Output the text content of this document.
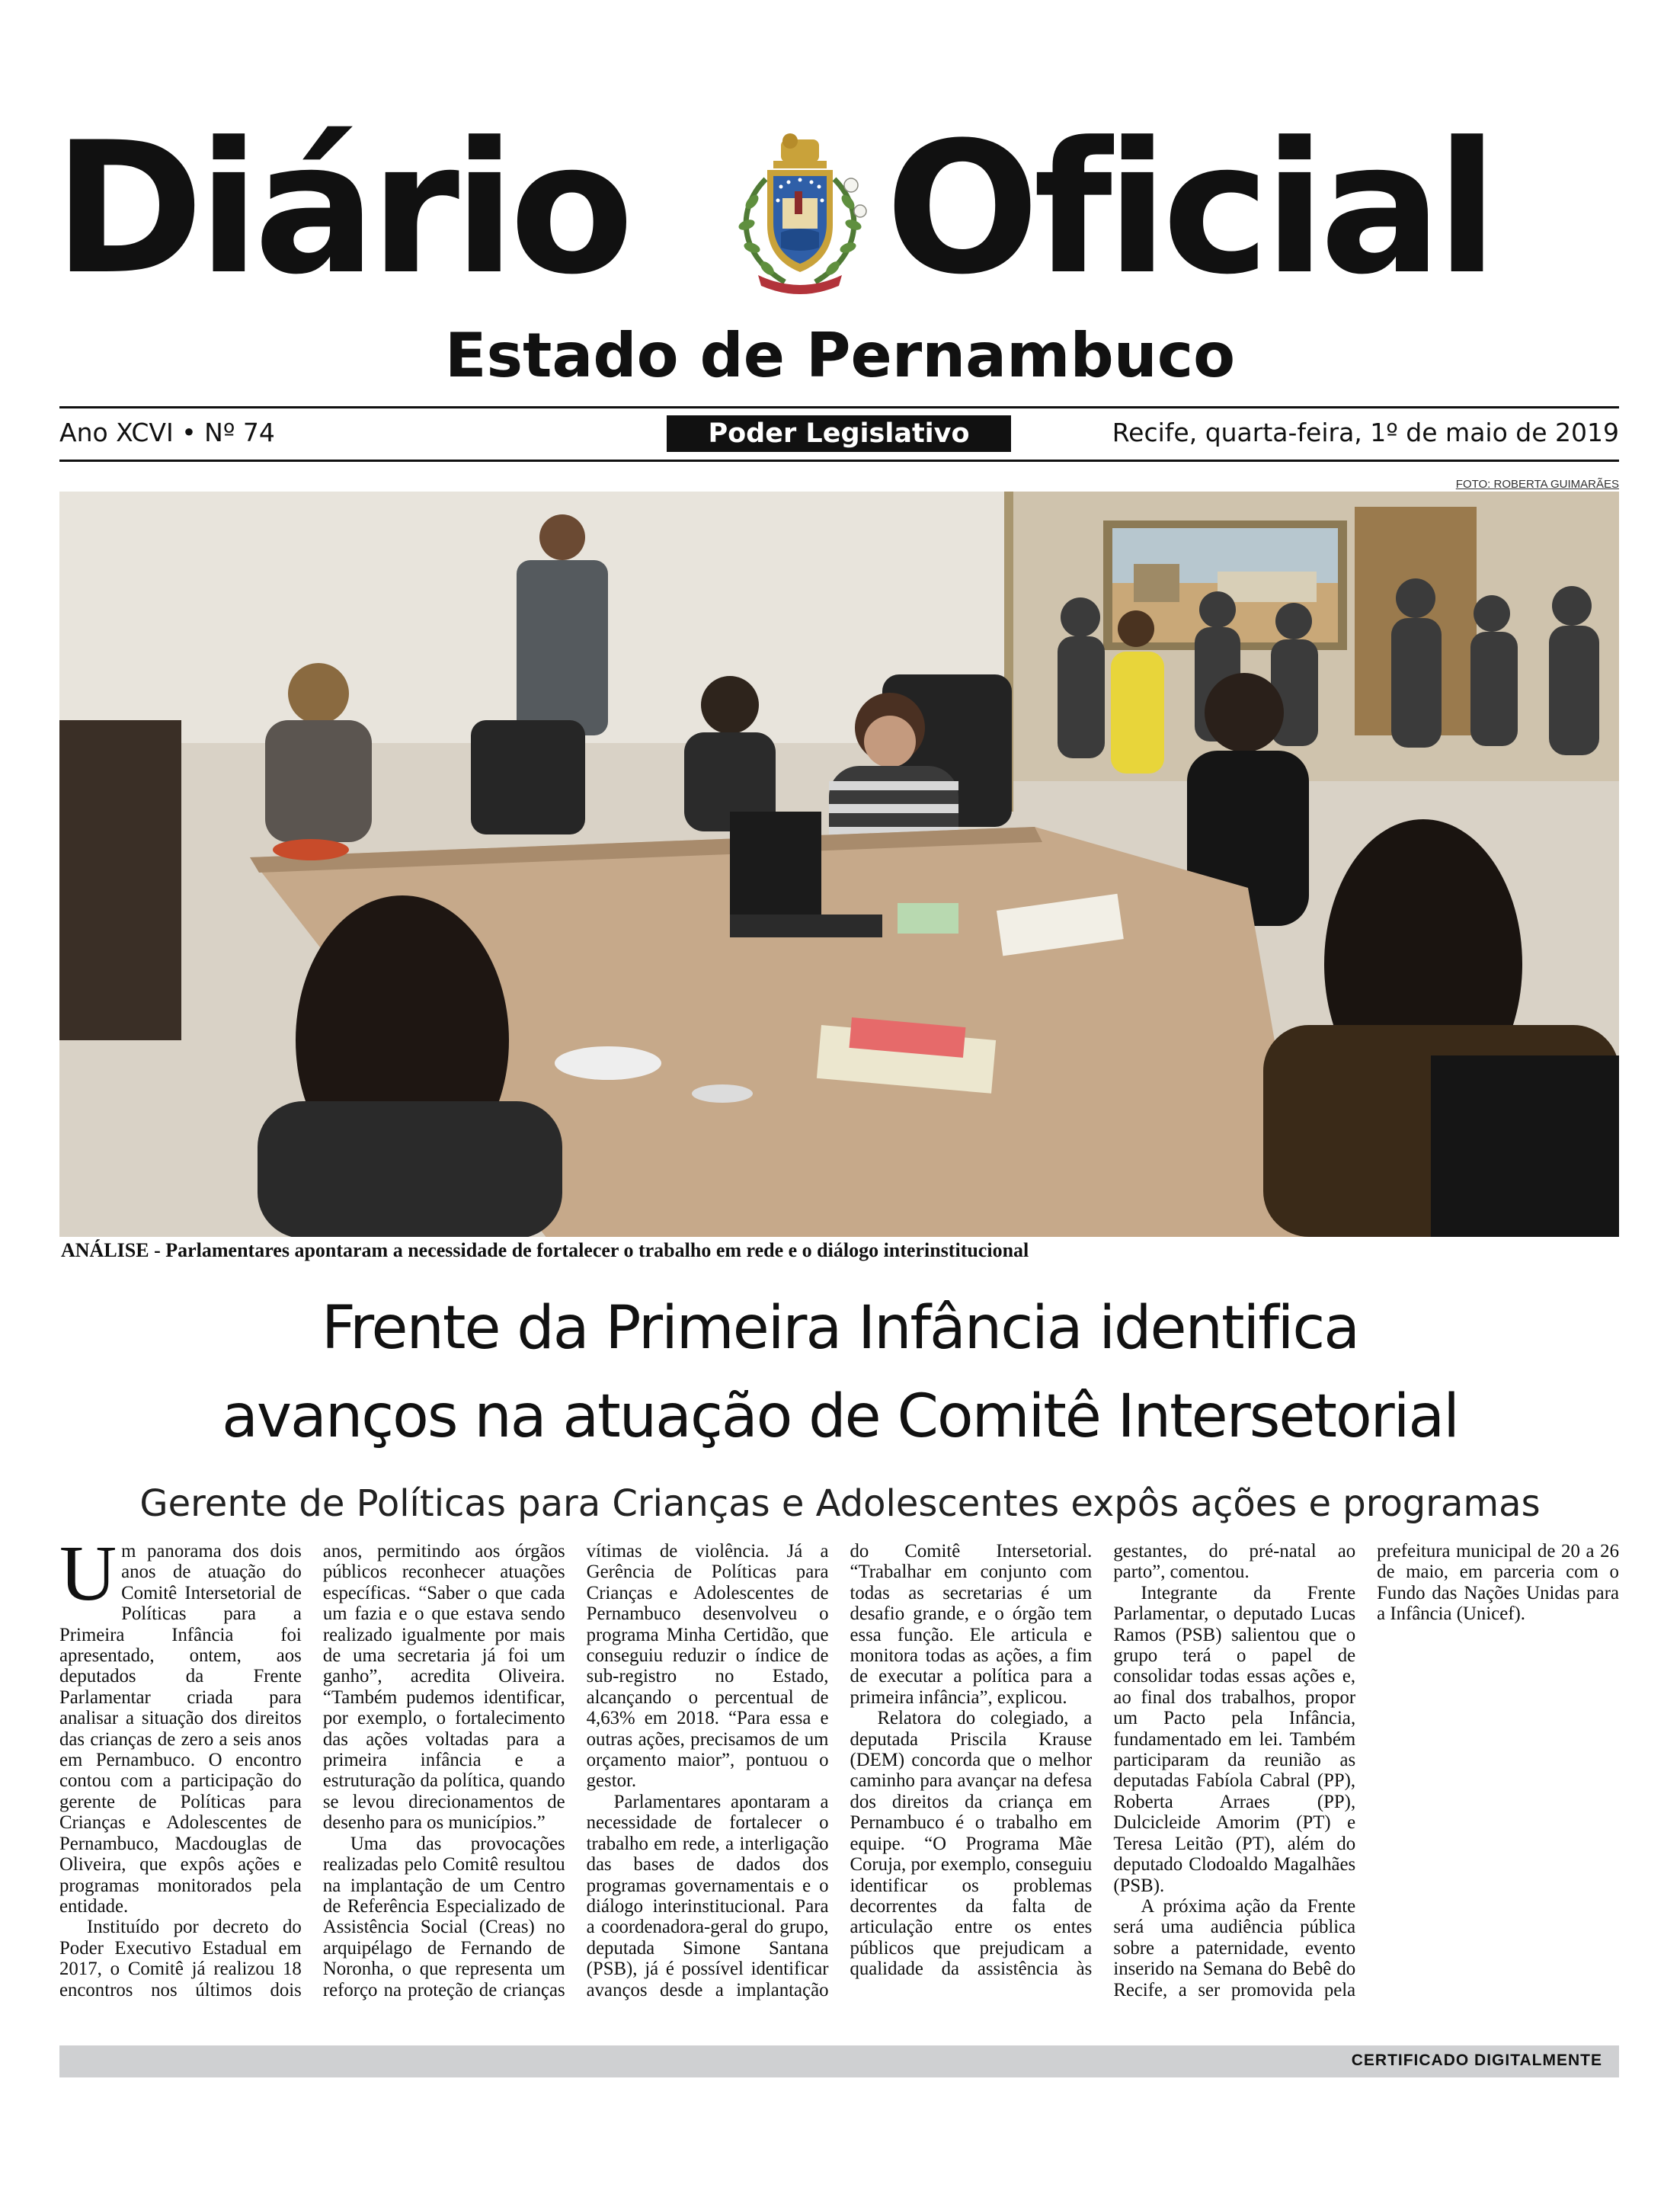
Diário Oficial
Estado de Pernambuco
Ano XCVI • Nº 74	Poder Legislativo	Recife, quarta-feira, 1º de maio de 2019
FOTO: ROBERTA GUIMARÃES
ANÁLISE - Parlamentares apontaram a necessidade de fortalecer o trabalho em rede e o diálogo interinstitucional
Frente da Primeira Infância identifica
avanços na atuação de Comitê Intersetorial
Gerente de Políticas para Crianças e Adolescentes expôs ações e programas

Um panorama dos dois anos de atuação do Comitê Intersetorial de Políticas para a Primeira Infância foi apresentado, ontem, aos deputados da Frente Parlamentar criada para analisar a situação dos direitos das crianças de zero a seis anos em Pernambuco. O encontro contou com a participação do gerente de Políticas para Crianças e Adolescentes de Pernambuco, Macdouglas de Oliveira, que expôs ações e programas monitorados pela entidade.

Instituído por decreto do Poder Executivo Estadual em 2017, o Comitê já realizou 18 encontros nos últimos dois anos, permitindo aos órgãos públicos reconhecer atuações específicas. “Saber o que cada um fazia e o que estava sendo realizado igualmente por mais de uma secretaria já foi um ganho”, acredita Oliveira. “Também pudemos identificar, por exemplo, o fortalecimento das ações voltadas para a primeira infância e a estruturação da política, quando se levou direcionamentos de desenho para os municípios.”

Uma das provocações realizadas pelo Comitê resultou na implantação de um Centro de Referência Especializado de Assistência Social (Creas) no arquipélago de Fernando de Noronha, o que representa um reforço na proteção de crianças vítimas de violência. Já a Gerência de Políticas para Crianças e Adolescentes de Pernambuco desenvolveu o programa Minha Certidão, que conseguiu reduzir o índice de sub-registro no Estado, alcançando o percentual de 4,63% em 2018. “Para essa e outras ações, precisamos de um orçamento maior”, pontuou o gestor.

Parlamentares apontaram a necessidade de fortalecer o trabalho em rede, a interligação das bases de dados dos programas governamentais e o diálogo interinstitucional. Para a coordenadora-geral do grupo, deputada Simone Santana (PSB), já é possível identificar avanços desde a implantação do Comitê Intersetorial. “Trabalhar em conjunto com todas as secretarias é um desafio grande, e o órgão tem essa função. Ele articula e monitora todas as ações, a fim de executar a política para a primeira infância”, explicou.

Relatora do colegiado, a deputada Priscila Krause (DEM) concorda que o melhor caminho para avançar na defesa dos direitos da criança em Pernambuco é o trabalho em equipe. “O Programa Mãe Coruja, por exemplo, conseguiu identificar os problemas decorrentes da falta de articulação entre os entes públicos que prejudicam a qualidade da assistência às gestantes, do pré-natal ao parto”, comentou.

Integrante da Frente Parlamentar, o deputado Lucas Ramos (PSB) salientou que o grupo terá o papel de consolidar todas essas ações e, ao final dos trabalhos, propor um Pacto pela Infância, fundamentado em lei. Também participaram da reunião as deputadas Fabíola Cabral (PP), Roberta Arraes (PP), Dulcicleide Amorim (PT) e Teresa Leitão (PT), além do deputado Clodoaldo Magalhães (PSB).

A próxima ação da Frente será uma audiência pública sobre a paternidade, evento inserido na Semana do Bebê do Recife, a ser promovida pela prefeitura municipal de 20 a 26 de maio, em parceria com o Fundo das Nações Unidas para a Infância (Unicef).

CERTIFICADO DIGITALMENTE
